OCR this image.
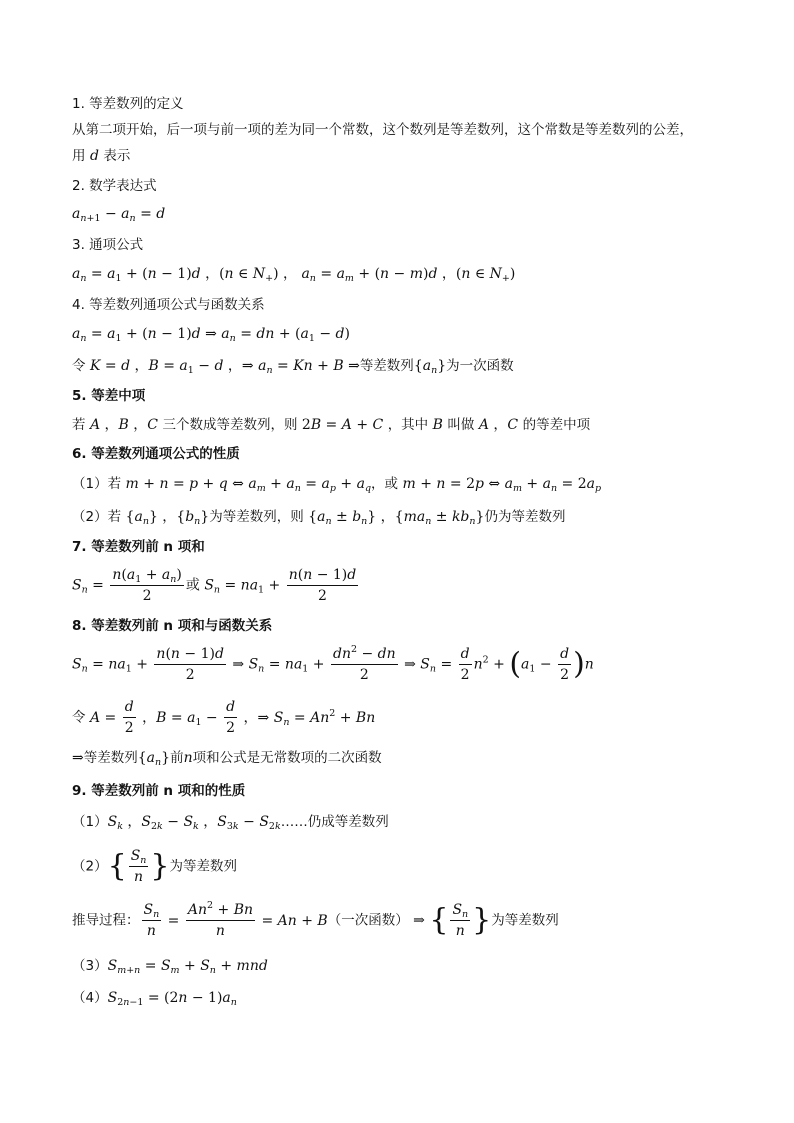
1. 等差数列的定义
从第二项开始，后一项与前一项的差为同一个常数，这个数列是等差数列，这个常数是等差数列的公差，
用 d 表示
2. 数学表达式
$a_{n+1} - a_n = d$
3. 通项公式
$a_n = a_1 + (n - 1)d$ ，(n ∈ $N_+$) ， $a_n = a_m + (n - m)d$ ，(n ∈ $N_+$)
4. 等差数列通项公式与函数关系
$a_n = a_1 + (n - 1)d$ ⇒ $a_n$ = dn + $(a_1 - d)$
令 K = d ，$B = a_1 - d$ ，⇒ $a_n = Kn + B$ ⇒等差数列$\{a_n\}$为一次函数
5. 等差中项
若 A ，B ，C 三个数成等差数列，则 2B = A + C ，其中 B 叫做 A ，C 的等差中项
6. 等差数列通项公式的性质
（1）若 m + n = p + q ⇔ $a_m + a_n = a_p + a_q$，或 m + n = 2p ⇔ $a_m + a_n = 2a_p$
（2）若 $\{a_n\}$ ，$\{b_n\}$为等差数列，则 $\{a_n \pm b_n\}$ ，$\{ma_n \pm kb_n\}$仍为等差数列
7. 等差数列前 n 项和
$S_n = \frac{n(a_1 + a_n)}{2}$ 或 $S_n = na_1 + \frac{n(n - 1)d}{2}$
8. 等差数列前 n 项和与函数关系
$S_n = na_1 + \frac{n(n - 1)d}{2}$ ⇒ $S_n = na_1 + \frac{dn^2 - dn}{2}$ ⇒ $S_n = \frac{d}{2} n^2 + (a_1 - \frac{d}{2} )n$
令 $A = \frac{d}{2}$ ，$B = a_1 - \frac{d}{2}$ ，⇒ $S_n = An^2 + Bn$
⇒等差数列$\{a_n\}$前n项和公式是无常数项的二次函数
9. 等差数列前 n 项和的性质
$(1)S_k$ ，$S_{2k} - S_k$ ，$S_{3k}$ − $S_{2k}\dots\dots$仍成等差数列
$(2)\{ \frac{S_n}{n}$ }为等差数列
推导过程： $\frac{S_n}{n} = \frac{An^2 + Bn}{n} = An + B$（一次函数） ⇒ { $\frac{S_n}{n}$ }为等差数列
$(3)S_{m+n} = S_m + S_n$ + mnd
$(4)S_{2n-1} = (2n - 1)a_n$
